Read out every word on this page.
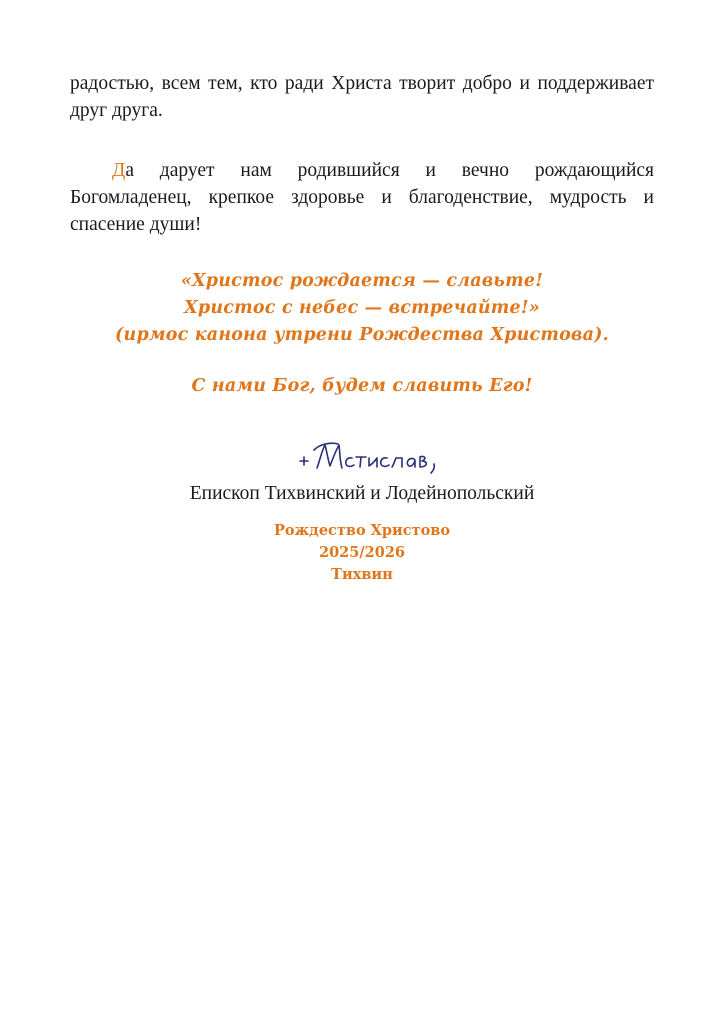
радостью, всем тем, кто ради Христа творит добро и поддерживает друг друга.

Да дарует нам родившийся и вечно рождающийся Богомладенец, крепкое здоровье и благоденствие, мудрость и спасение души!

«Христос рождается — славьте!
Христос с небес — встречайте!»
(ирмос канона утрени Рождества Христова).
С нами Бог, будем славить Его!
Епископ Тихвинский и Лодейнопольский
Рождество Христово
2025/2026
Тихвин
